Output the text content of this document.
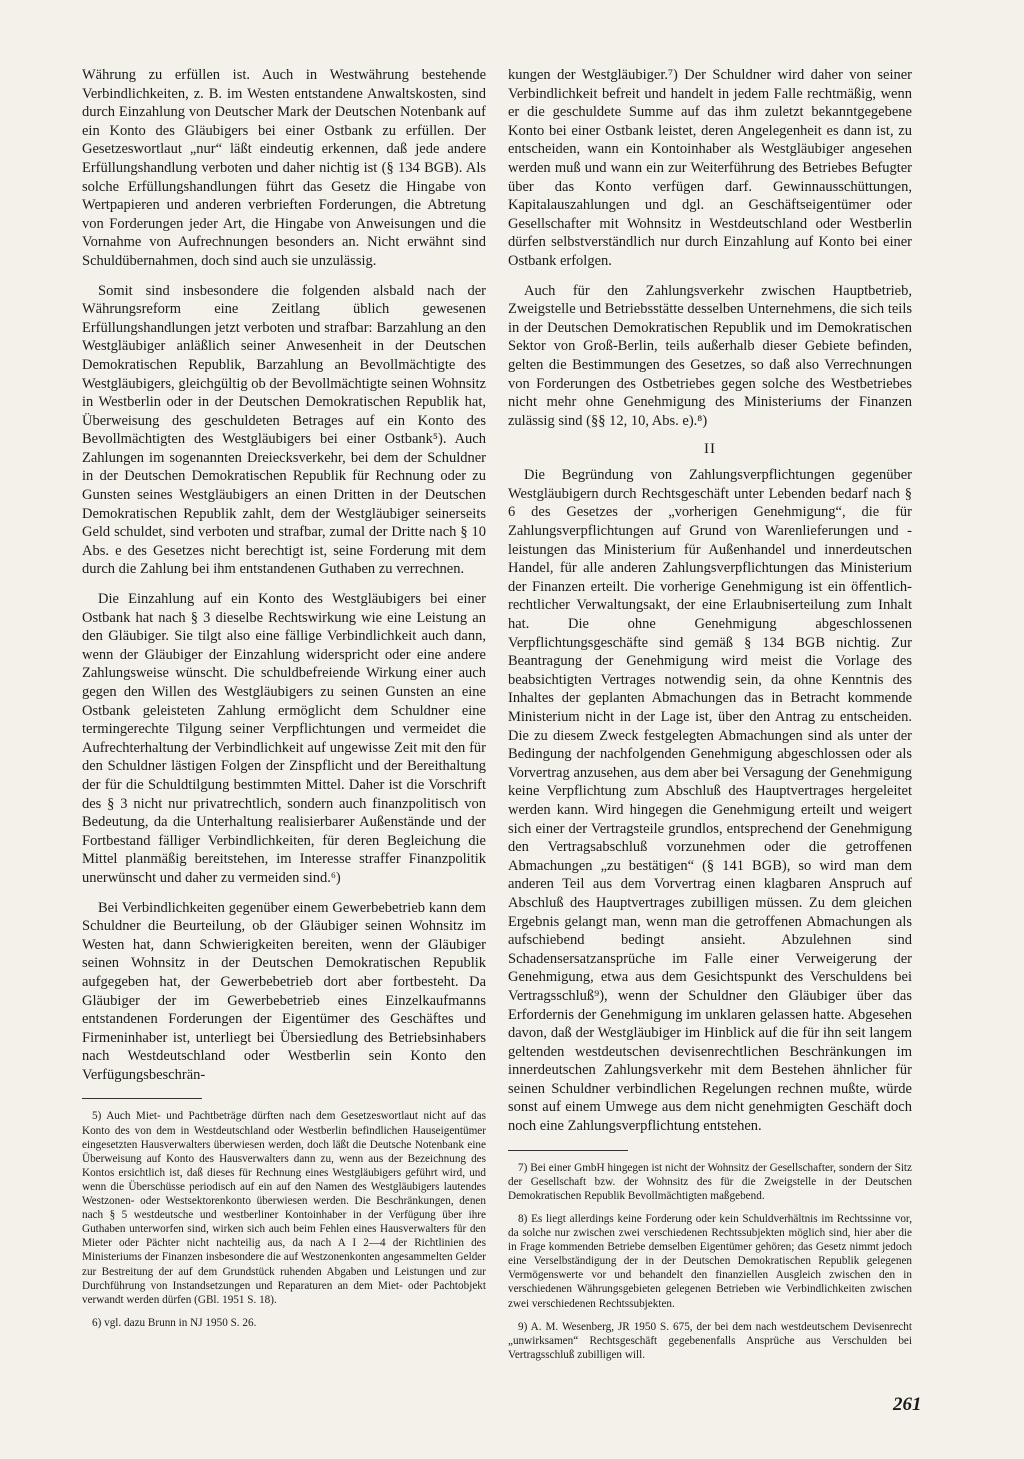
Währung zu erfüllen ist. Auch in Westwährung bestehende Verbindlichkeiten, z. B. im Westen entstandene Anwaltskosten, sind durch Einzahlung von Deutscher Mark der Deutschen Notenbank auf ein Konto des Gläubigers bei einer Ostbank zu erfüllen. Der Gesetzeswortlaut „nur“ läßt eindeutig erkennen, daß jede andere Erfüllungshandlung verboten und daher nichtig ist (§ 134 BGB). Als solche Erfüllungshandlungen führt das Gesetz die Hingabe von Wertpapieren und anderen verbrieften Forderungen, die Abtretung von Forderungen jeder Art, die Hingabe von Anweisungen und die Vornahme von Aufrechnungen besonders an. Nicht erwähnt sind Schuldübernahmen, doch sind auch sie unzulässig.

Somit sind insbesondere die folgenden alsbald nach der Währungsreform eine Zeitlang üblich gewesenen Erfüllungshandlungen jetzt verboten und strafbar: Barzahlung an den Westgläubiger anläßlich seiner Anwesenheit in der Deutschen Demokratischen Republik, Barzahlung an Bevollmächtigte des Westgläubigers, gleichgültig ob der Bevollmächtigte seinen Wohnsitz in Westberlin oder in der Deutschen Demokratischen Republik hat, Überweisung des geschuldeten Betrages auf ein Konto des Bevollmächtigten des Westgläubigers bei einer Ostbank⁵). Auch Zahlungen im sogenannten Dreiecksverkehr, bei dem der Schuldner in der Deutschen Demokratischen Republik für Rechnung oder zu Gunsten seines Westgläubigers an einen Dritten in der Deutschen Demokratischen Republik zahlt, dem der Westgläubiger seinerseits Geld schuldet, sind verboten und strafbar, zumal der Dritte nach § 10 Abs. e des Gesetzes nicht berechtigt ist, seine Forderung mit dem durch die Zahlung bei ihm entstandenen Guthaben zu verrechnen.

Die Einzahlung auf ein Konto des Westgläubigers bei einer Ostbank hat nach § 3 dieselbe Rechtswirkung wie eine Leistung an den Gläubiger. Sie tilgt also eine fällige Verbindlichkeit auch dann, wenn der Gläubiger der Einzahlung widerspricht oder eine andere Zahlungsweise wünscht. Die schuldbefreiende Wirkung einer auch gegen den Willen des Westgläubigers zu seinen Gunsten an eine Ostbank geleisteten Zahlung ermöglicht dem Schuldner eine termingerechte Tilgung seiner Verpflichtungen und vermeidet die Aufrechterhaltung der Verbindlichkeit auf ungewisse Zeit mit den für den Schuldner lästigen Folgen der Zinspflicht und der Bereithaltung der für die Schuldtilgung bestimmten Mittel. Daher ist die Vorschrift des § 3 nicht nur privatrechtlich, sondern auch finanzpolitisch von Bedeutung, da die Unterhaltung realisierbarer Außenstände und der Fortbestand fälliger Verbindlichkeiten, für deren Begleichung die Mittel planmäßig bereitstehen, im Interesse straffer Finanzpolitik unerwünscht und daher zu vermeiden sind.⁶)

Bei Verbindlichkeiten gegenüber einem Gewerbebetrieb kann dem Schuldner die Beurteilung, ob der Gläubiger seinen Wohnsitz im Westen hat, dann Schwierigkeiten bereiten, wenn der Gläubiger seinen Wohnsitz in der Deutschen Demokratischen Republik aufgegeben hat, der Gewerbebetrieb dort aber fortbesteht. Da Gläubiger der im Gewerbebetrieb eines Einzelkaufmanns entstandenen Forderungen der Eigentümer des Geschäftes und Firmeninhaber ist, unterliegt bei Übersiedlung des Betriebsinhabers nach Westdeutschland oder Westberlin sein Konto den Verfügungsbeschrän-

5) Auch Miet- und Pachtbeträge dürften nach dem Gesetzeswortlaut nicht auf das Konto des von dem in Westdeutschland oder Westberlin befindlichen Hauseigentümer eingesetzten Hausverwalters überwiesen werden, doch läßt die Deutsche Notenbank eine Überweisung auf Konto des Hausverwalters dann zu, wenn aus der Bezeichnung des Kontos ersichtlich ist, daß dieses für Rechnung eines Westgläubigers geführt wird, und wenn die Überschüsse periodisch auf ein auf den Namen des Westgläubigers lautendes Westzonen- oder Westsektorenkonto überwiesen werden. Die Beschränkungen, denen nach § 5 westdeutsche und westberliner Kontoinhaber in der Verfügung über ihre Guthaben unterworfen sind, wirken sich auch beim Fehlen eines Hausverwalters für den Mieter oder Pächter nicht nachteilig aus, da nach A I 2—4 der Richtlinien des Ministeriums der Finanzen insbesondere die auf Westzonenkonten angesammelten Gelder zur Bestreitung der auf dem Grundstück ruhenden Abgaben und Leistungen und zur Durchführung von Instandsetzungen und Reparaturen an dem Miet- oder Pachtobjekt verwandt werden dürfen (GBl. 1951 S. 18).

6) vgl. dazu Brunn in NJ 1950 S. 26.

kungen der Westgläubiger.⁷) Der Schuldner wird daher von seiner Verbindlichkeit befreit und handelt in jedem Falle rechtmäßig, wenn er die geschuldete Summe auf das ihm zuletzt bekanntgegebene Konto bei einer Ostbank leistet, deren Angelegenheit es dann ist, zu entscheiden, wann ein Kontoinhaber als Westgläubiger angesehen werden muß und wann ein zur Weiterführung des Betriebes Befugter über das Konto verfügen darf. Gewinnausschüttungen, Kapitalauszahlungen und dgl. an Geschäftseigentümer oder Gesellschafter mit Wohnsitz in Westdeutschland oder Westberlin dürfen selbstverständlich nur durch Einzahlung auf Konto bei einer Ostbank erfolgen.

Auch für den Zahlungsverkehr zwischen Hauptbetrieb, Zweigstelle und Betriebsstätte desselben Unternehmens, die sich teils in der Deutschen Demokratischen Republik und im Demokratischen Sektor von Groß-Berlin, teils außerhalb dieser Gebiete befinden, gelten die Bestimmungen des Gesetzes, so daß also Verrechnungen von Forderungen des Ostbetriebes gegen solche des Westbetriebes nicht mehr ohne Genehmigung des Ministeriums der Finanzen zulässig sind (§§ 12, 10, Abs. e).⁸)

II

Die Begründung von Zahlungsverpflichtungen gegenüber Westgläubigern durch Rechtsgeschäft unter Lebenden bedarf nach § 6 des Gesetzes der „vorherigen Genehmigung“, die für Zahlungsverpflichtungen auf Grund von Warenlieferungen und -leistungen das Ministerium für Außenhandel und innerdeutschen Handel, für alle anderen Zahlungsverpflichtungen das Ministerium der Finanzen erteilt. Die vorherige Genehmigung ist ein öffentlich-rechtlicher Verwaltungsakt, der eine Erlaubniserteilung zum Inhalt hat. Die ohne Genehmigung abgeschlossenen Verpflichtungsgeschäfte sind gemäß § 134 BGB nichtig. Zur Beantragung der Genehmigung wird meist die Vorlage des beabsichtigten Vertrages notwendig sein, da ohne Kenntnis des Inhaltes der geplanten Abmachungen das in Betracht kommende Ministerium nicht in der Lage ist, über den Antrag zu entscheiden. Die zu diesem Zweck festgelegten Abmachungen sind als unter der Bedingung der nachfolgenden Genehmigung abgeschlossen oder als Vorvertrag anzusehen, aus dem aber bei Versagung der Genehmigung keine Verpflichtung zum Abschluß des Hauptvertrages hergeleitet werden kann. Wird hingegen die Genehmigung erteilt und weigert sich einer der Vertragsteile grundlos, entsprechend der Genehmigung den Vertragsabschluß vorzunehmen oder die getroffenen Abmachungen „zu bestätigen“ (§ 141 BGB), so wird man dem anderen Teil aus dem Vorvertrag einen klagbaren Anspruch auf Abschluß des Hauptvertrages zubilligen müssen. Zu dem gleichen Ergebnis gelangt man, wenn man die getroffenen Abmachungen als aufschiebend bedingt ansieht. Abzulehnen sind Schadensersatzansprüche im Falle einer Verweigerung der Genehmigung, etwa aus dem Gesichtspunkt des Verschuldens bei Vertragsschluß⁹), wenn der Schuldner den Gläubiger über das Erfordernis der Genehmigung im unklaren gelassen hatte. Abgesehen davon, daß der Westgläubiger im Hinblick auf die für ihn seit langem geltenden westdeutschen devisenrechtlichen Beschränkungen im innerdeutschen Zahlungsverkehr mit dem Bestehen ähnlicher für seinen Schuldner verbindlichen Regelungen rechnen mußte, würde sonst auf einem Umwege aus dem nicht genehmigten Geschäft doch noch eine Zahlungsverpflichtung entstehen.

7) Bei einer GmbH hingegen ist nicht der Wohnsitz der Gesellschafter, sondern der Sitz der Gesellschaft bzw. der Wohnsitz des für die Zweigstelle in der Deutschen Demokratischen Republik Bevollmächtigten maßgebend.

8) Es liegt allerdings keine Forderung oder kein Schuldverhältnis im Rechtssinne vor, da solche nur zwischen zwei verschiedenen Rechtssubjekten möglich sind, hier aber die in Frage kommenden Betriebe demselben Eigentümer gehören; das Gesetz nimmt jedoch eine Verselbständigung der in der Deutschen Demokratischen Republik gelegenen Vermögenswerte vor und behandelt den finanziellen Ausgleich zwischen den in verschiedenen Währungsgebieten gelegenen Betrieben wie Verbindlichkeiten zwischen zwei verschiedenen Rechtssubjekten.

9) A. M. Wesenberg, JR 1950 S. 675, der bei dem nach westdeutschem Devisenrecht „unwirksamen“ Rechtsgeschäft gegebenenfalls Ansprüche aus Verschulden bei Vertragsschluß zubilligen will.

261
